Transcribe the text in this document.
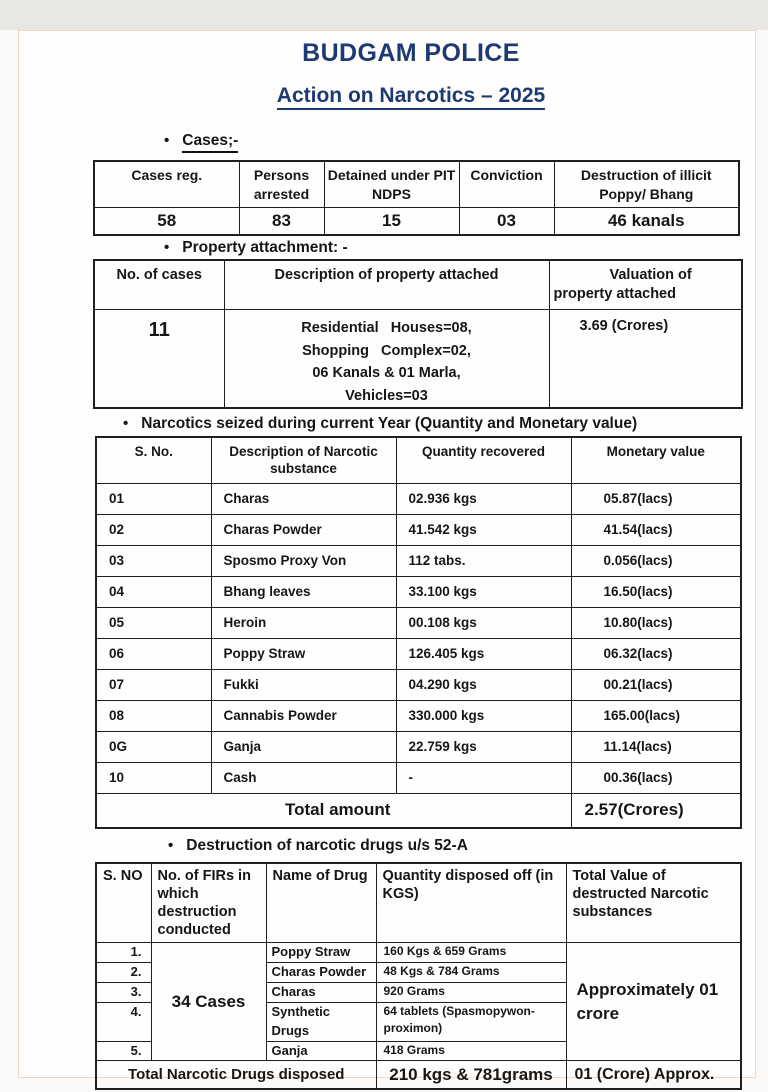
BUDGAM POLICE
Action on Narcotics – 2025
• Cases;-
Cases reg.	Persons arrested	Detained under PIT NDPS	Conviction	Destruction of illicit Poppy/ Bhang
58	83	15	03	46 kanals
• Property attachment: -
No. of cases	Description of property attached	Valuation of property attached
11	Residential   Houses=08,
Shopping   Complex=02,
06 Kanals & 01 Marla,
Vehicles=03	3.69 (Crores)
• Narcotics seized during current Year (Quantity and Monetary value)
S. No.	Description of Narcotic substance	Quantity recovered	Monetary value
01	Charas	02.936 kgs	05.87(lacs)
02	Charas Powder	41.542 kgs	41.54(lacs)
03	Sposmo Proxy Von	112 tabs.	0.056(lacs)
04	Bhang leaves	33.100 kgs	16.50(lacs)
05	Heroin	00.108 kgs	10.80(lacs)
06	Poppy Straw	126.405 kgs	06.32(lacs)
07	Fukki	04.290 kgs	00.21(lacs)
08	Cannabis Powder	330.000 kgs	165.00(lacs)
0G	Ganja	22.759 kgs	11.14(lacs)
10	Cash	-	00.36(lacs)
Total amount			2.57(Crores)
• Destruction of narcotic drugs u/s 52-A
S. NO	No. of FIRs in which destruction conducted	Name of Drug	Quantity disposed off (in KGS)	Total Value of destructed Narcotic substances
1.	34 Cases	Poppy Straw	160 Kgs & 659 Grams	Approximately 01 crore
2.		Charas Powder	48 Kgs & 784 Grams	
3.		Charas	920 Grams	
4.		Synthetic Drugs	64 tablets (Spasmopywon-proximon)	
5.		Ganja	418 Grams	
Total Narcotic Drugs disposed			210 kgs & 781grams	01 (Crore) Approx.
